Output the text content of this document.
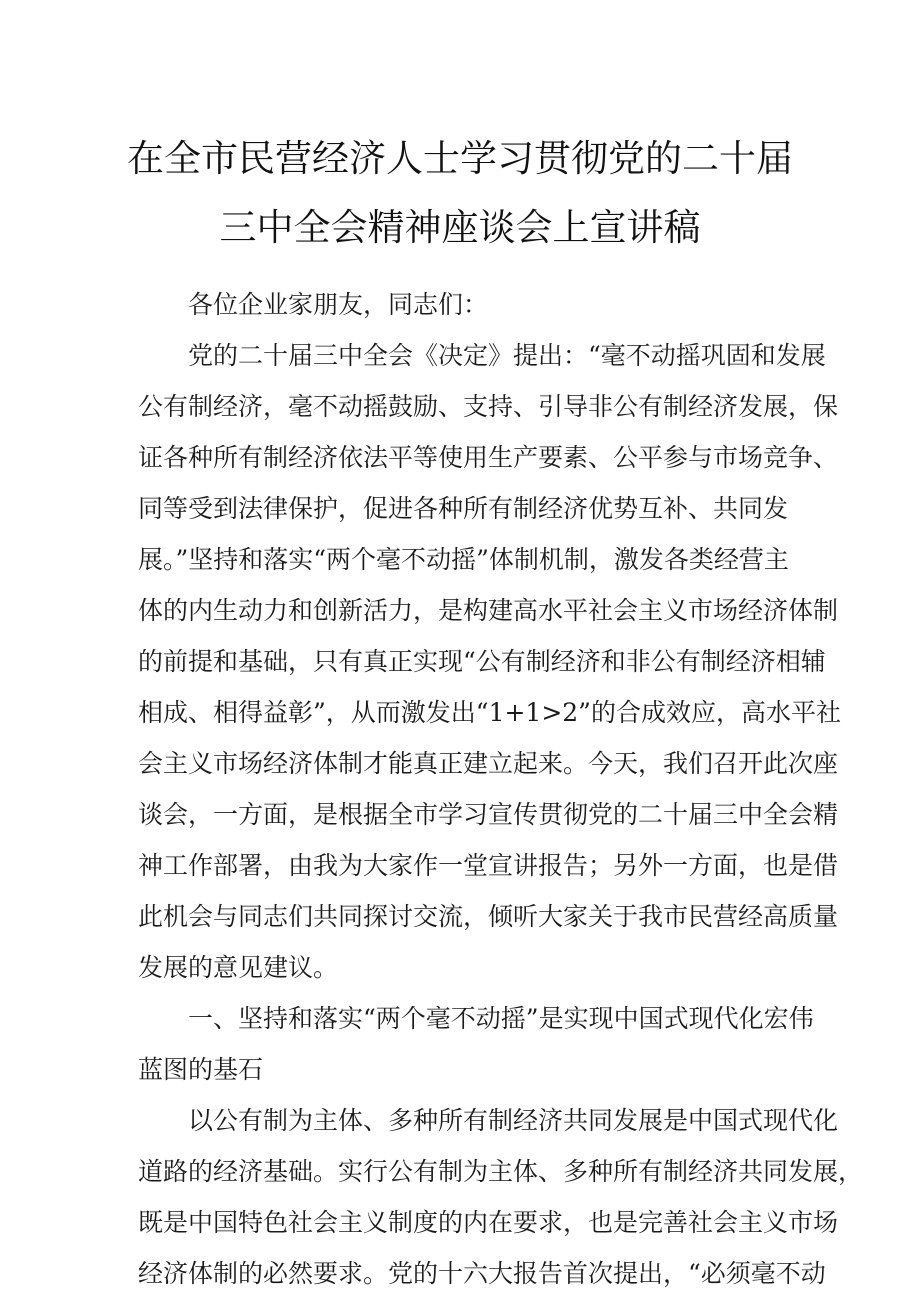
在全市民营经济人士学习贯彻党的二十届
三中全会精神座谈会上宣讲稿
各位企业家朋友，同志们：
党的二十届三中全会《决定》提出：“毫不动摇巩固和发展
公有制经济，毫不动摇鼓励、支持、引导非公有制经济发展，保
证各种所有制经济依法平等使用生产要素、公平参与市场竞争、
同等受到法律保护，促进各种所有制经济优势互补、共同发
展。”坚持和落实“两个毫不动摇”体制机制，激发各类经营主
体的内生动力和创新活力，是构建高水平社会主义市场经济体制
的前提和基础，只有真正实现“公有制经济和非公有制经济相辅
相成、相得益彰”，从而激发出“1+1>2”的合成效应，高水平社
会主义市场经济体制才能真正建立起来。今天，我们召开此次座
谈会，一方面，是根据全市学习宣传贯彻党的二十届三中全会精
神工作部署，由我为大家作一堂宣讲报告；另外一方面，也是借
此机会与同志们共同探讨交流，倾听大家关于我市民营经高质量
发展的意见建议。
一、坚持和落实“两个毫不动摇”是实现中国式现代化宏伟
蓝图的基石
以公有制为主体、多种所有制经济共同发展是中国式现代化
道路的经济基础。实行公有制为主体、多种所有制经济共同发展，
既是中国特色社会主义制度的内在要求，也是完善社会主义市场
经济体制的必然要求。党的十六大报告首次提出，“必须毫不动
